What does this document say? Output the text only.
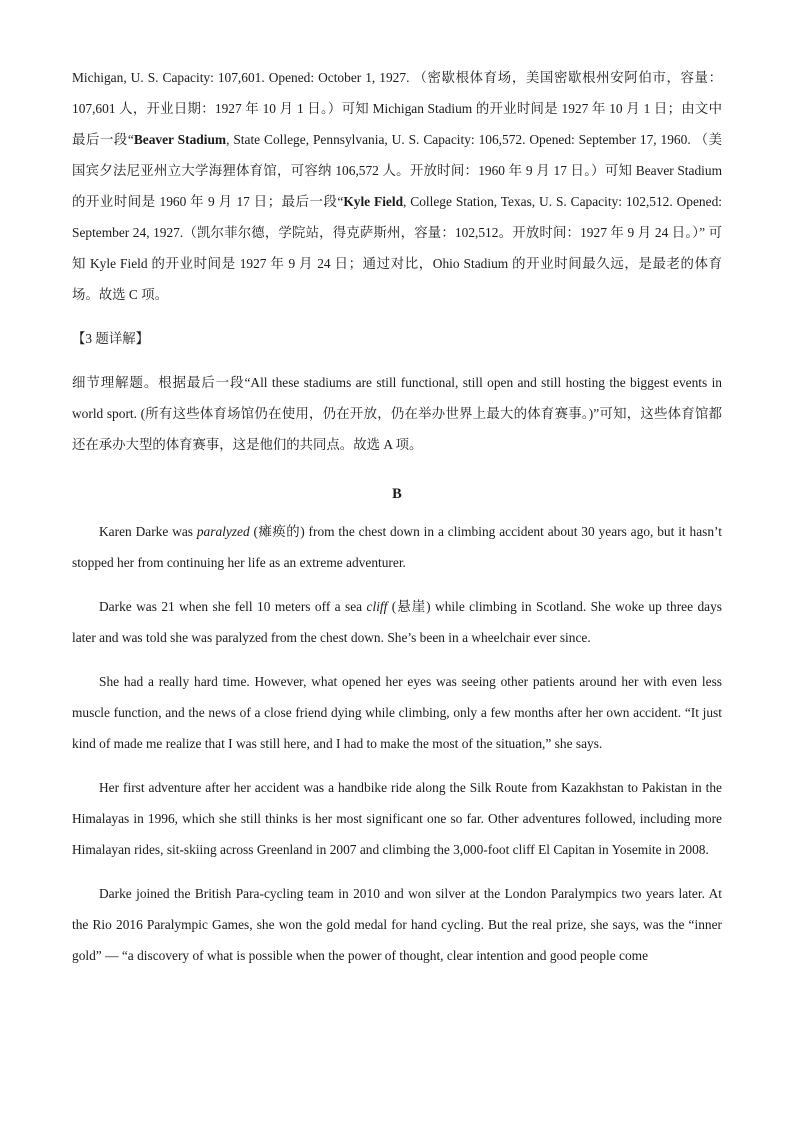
Michigan, U. S. Capacity: 107,601. Opened: October 1, 1927. （密歇根体育场，美国密歇根州安阿伯市，容量：107,601 人，开业日期：1927 年 10 月 1 日。）可知 Michigan Stadium 的开业时间是 1927 年 10 月 1 日；由文中最后一段“Beaver Stadium, State College, Pennsylvania, U. S. Capacity: 106,572. Opened: September 17, 1960. （美国宾夕法尼亚州立大学海狸体育馆，可容纳 106,572 人。开放时间：1960 年 9 月 17 日。）可知 Beaver Stadium 的开业时间是 1960 年 9 月 17 日；最后一段“Kyle Field, College Station, Texas, U. S. Capacity: 102,512. Opened: September 24, 1927.（凯尔菲尔德，学院站，得克萨斯州，容量：102,512。开放时间：1927 年 9 月 24 日。）” 可知 Kyle Field 的开业时间是 1927 年 9 月 24 日；通过对比，Ohio Stadium 的开业时间最久远，是最老的体育场。故选 C 项。

【3 题详解】

细节理解题。根据最后一段“All these stadiums are still functional, still open and still hosting the biggest events in world sport. (所有这些体育场馆仍在使用，仍在开放，仍在举办世界上最大的体育赛事。)”可知，这些体育馆都还在承办大型的体育赛事，这是他们的共同点。故选 A 项。

B

Karen Darke was paralyzed (瘫痪的) from the chest down in a climbing accident about 30 years ago, but it hasn’t stopped her from continuing her life as an extreme adventurer.

Darke was 21 when she fell 10 meters off a sea cliff (悬崖) while climbing in Scotland. She woke up three days later and was told she was paralyzed from the chest down. She’s been in a wheelchair ever since.

She had a really hard time. However, what opened her eyes was seeing other patients around her with even less muscle function, and the news of a close friend dying while climbing, only a few months after her own accident. “It just kind of made me realize that I was still here, and I had to make the most of the situation,” she says.

Her first adventure after her accident was a handbike ride along the Silk Route from Kazakhstan to Pakistan in the Himalayas in 1996, which she still thinks is her most significant one so far. Other adventures followed, including more Himalayan rides, sit-skiing across Greenland in 2007 and climbing the 3,000-foot cliff El Capitan in Yosemite in 2008.

Darke joined the British Para-cycling team in 2010 and won silver at the London Paralympics two years later. At the Rio 2016 Paralympic Games, she won the gold medal for hand cycling. But the real prize, she says, was the “inner gold” — “a discovery of what is possible when the power of thought, clear intention and good people come
